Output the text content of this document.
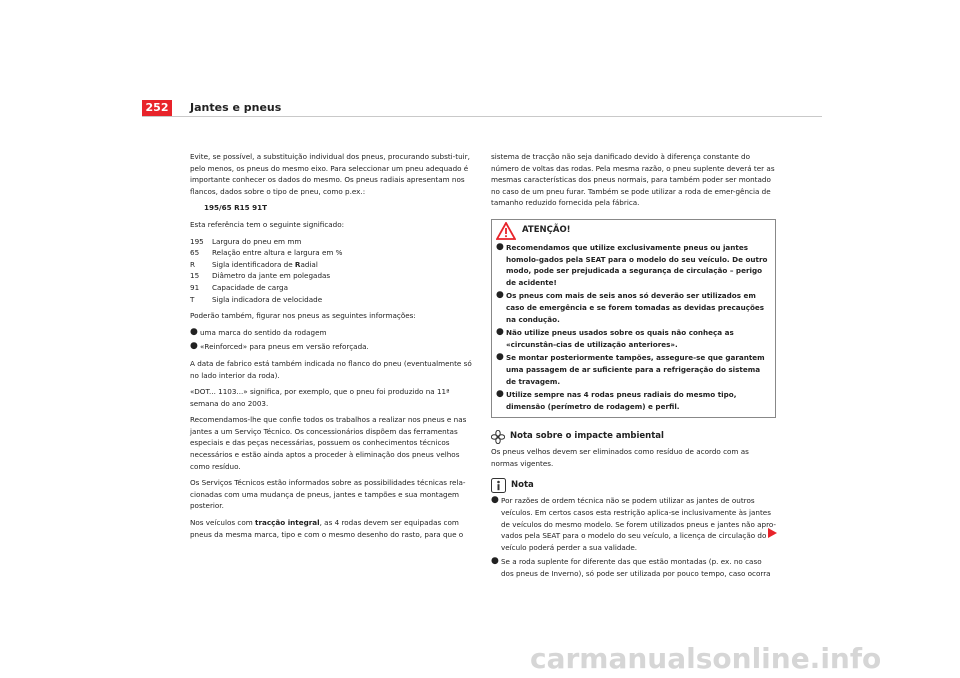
252	Jantes e pneus

Evite, se possível, a substituição individual dos pneus, procurando substi-tuir, pelo menos, os pneus do mesmo eixo. Para seleccionar um pneu adequado é importante conhecer os dados do mesmo. Os pneus radiais apresentam nos flancos, dados sobre o tipo de pneu, como p.ex.:

195/65 R15 91T

Esta referência tem o seguinte significado:

195	Largura do pneu em mm
65	Relação entre altura e largura em %
R	Sigla identificadora de Radial
15	Diâmetro da jante em polegadas
91	Capacidade de carga
T	Sigla indicadora de velocidade

Poderão também, figurar nos pneus as seguintes informações:

● uma marca do sentido da rodagem
● «Reinforced» para pneus em versão reforçada.

A data de fabrico está também indicada no flanco do pneu (eventualmente só no lado interior da roda).

«DOT... 1103...» significa, por exemplo, que o pneu foi produzido na 11ª semana do ano 2003.

Recomendamos-lhe que confie todos os trabalhos a realizar nos pneus e nas jantes a um Serviço Técnico. Os concessionários dispõem das ferramentas especiais e das peças necessárias, possuem os conhecimentos técnicos necessários e estão ainda aptos a proceder à eliminação dos pneus velhos como resíduo.

Os Serviços Técnicos estão informados sobre as possibilidades técnicas rela-cionadas com uma mudança de pneus, jantes e tampões e sua montagem posterior.

Nos veículos com tracção integral, as 4 rodas devem ser equipadas com pneus da mesma marca, tipo e com o mesmo desenho do rasto, para que o

sistema de tracção não seja danificado devido à diferença constante do número de voltas das rodas. Pela mesma razão, o pneu suplente deverá ter as mesmas características dos pneus normais, para também poder ser montado no caso de um pneu furar. Também se pode utilizar a roda de emer-gência de tamanho reduzido fornecida pela fábrica.

ATENÇÃO!
● Recomendamos que utilize exclusivamente pneus ou jantes homolo-gados pela SEAT para o modelo do seu veículo. De outro modo, pode ser prejudicada a segurança de circulação – perigo de acidente!
● Os pneus com mais de seis anos só deverão ser utilizados em caso de emergência e se forem tomadas as devidas precauções na condução.
● Não utilize pneus usados sobre os quais não conheça as «circunstân-cias de utilização anteriores».
● Se montar posteriormente tampões, assegure-se que garantem uma passagem de ar suficiente para a refrigeração do sistema de travagem.
● Utilize sempre nas 4 rodas pneus radiais do mesmo tipo, dimensão (perímetro de rodagem) e perfil.
Nota sobre o impacte ambiental

Os pneus velhos devem ser eliminados como resíduo de acordo com as normas vigentes.

Nota
● Por razões de ordem técnica não se podem utilizar as jantes de outros veículos. Em certos casos esta restrição aplica-se inclusivamente às jantes de veículos do mesmo modelo. Se forem utilizados pneus e jantes não apro-vados pela SEAT para o modelo do seu veículo, a licença de circulação do veículo poderá perder a sua validade.
● Se a roda suplente for diferente das que estão montadas (p. ex. no caso dos pneus de Inverno), só pode ser utilizada por pouco tempo, caso ocorra
carmanualsonline.info
